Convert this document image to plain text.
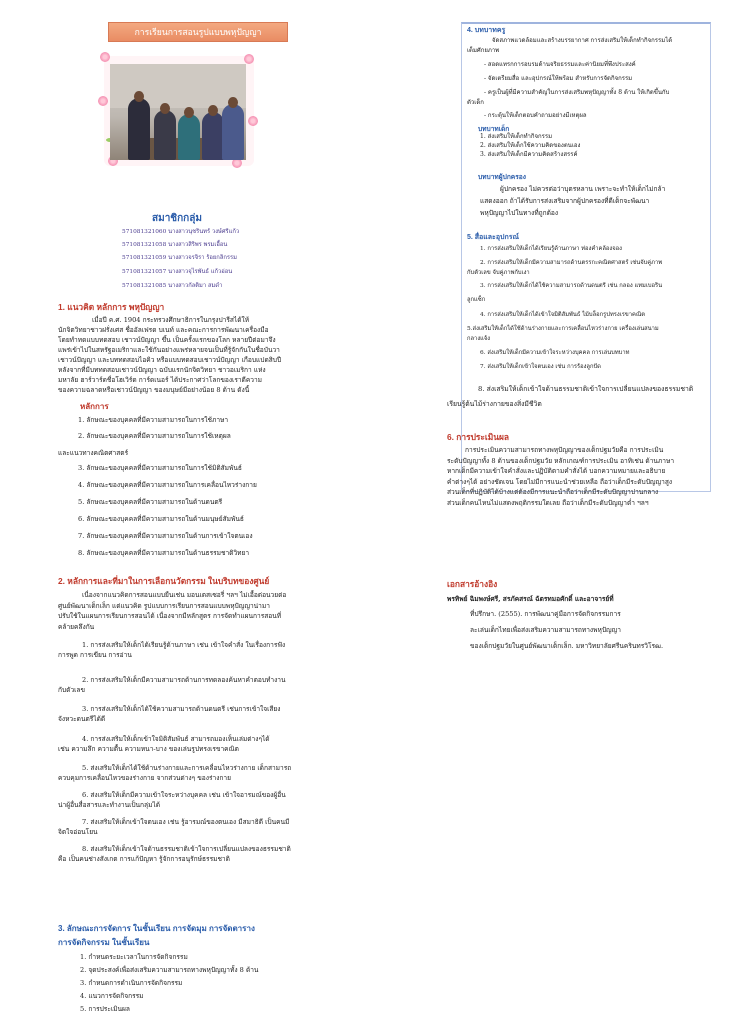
การเรียนการสอนรูปแบบพหุปัญญา
สมาชิกกลุ่ม
571081321060 นางสาวนุชรินทร์ วงษ์ศรีแก้ว
571081321058 นางสาวสิริพร พรมเอื้อน
571081321059 นางสาวจรจิรา ร้อยกลิกรรม
571081321057 นางสาวจุไรพันธ์ แก้วอ่อน
571081321085 นางสาวกัลติมา สมดำ
1. แนวคิด หลักการ พหุปัญญา
เมื่อปี ค.ศ. 1904 กระทรวงศึกษาธิการในกรุงปารีสได้ให้
นักจิตวิทยาชาวฝรั่งเศส ชื่ออัลเฟรด บเนท์ และคณะการการพัฒนาเครื่องมือ
โดยทำทดแบบทดสอบ เชาวน์ปัญญา ขึ้น เป็นครั้งแรกของโลก หลายปีต่อมาจึง
แพร่เข้าไปในสหรัฐอเมริกาและใช้กันอย่างแพร่หลายจนเป็นที่รู้จักกันในชื่อบันวา
เชาวน์ปัญญา และบททดสอบไอคิว หรือแบบทดสอบเชาวน์ปัญญา เกือบแปดสิบปี
หลังจากที่มีบททดสอบเชาวน์ปัญญา ฉบับแรกนักจิตวิทยา ชาวอเมริกา แห่ง
มหาลัย ฮาร์วาร์ดชื่อโฮเวิร์ด การ์ดเนอร์ ได้ประกาศว่าโลกของเราตีความ
ของความฉลาดหรือเชาวน์ปัญญา ของมนุษย์มีอย่างน้อย 8 ด้าน ดังนี้
หลักการ
1. ลักษณะของบุคคลที่มีความสามารถในการใช้ภาษา
2. ลักษณะของบุคคลที่มีความสามารถในการใช้เหตุผล
และแนวทางคณิตศาสตร์
3. ลักษณะของบุคคลที่มีความสามารถในการใช้มิติสัมพันธ์
4. ลักษณะของบุคคลที่มีความสามารถในการเคลื่อนไหวร่างกาย
5. ลักษณะของบุคคลที่มีความสามารถในด้านดนตรี
6. ลักษณะของบุคคลที่มีความสามารถในด้านมนุษย์สัมพันธ์
7. ลักษณะของบุคคลที่มีความสามารถในด้านการเข้าใจตนเอง
8. ลักษณะของบุคคลที่มีความสามารถในด้านธรรมชาติวิทยา
2. หลักการและที่มาในการเลือกนวัตกรรม ในบริบทของศูนย์
เนื่องจากแนวคิดการสอนแบบยืนเช่น มอนเตสเซอรี่ ฯลฯ ไม่เอื้อต่อนวยต่อ
ศูนย์พัฒนาเด็กเล็ก แต่แนวคิด รูปแบบการเรียนการสอนแบบพหุปัญญาน่ามา
ปรับใช้ในแผนการเรียนการสอนได้ เนื่องจากมีหลักสูตร การจัดทำแผนการสอนที่
คล้ายคลึงกัน
1. การส่งเสริมให้เด็กได้เรียนรู้ด้านภาษา เช่น เข้าใจคำสั่ง ในเรื่องการฟัง
การพูด การเขียน การอ่าน
2. การส่งเสริมให้เด็กมีความสามารถด้านการทดลองค้นหาคำตอบทำงาน
กับตัวเลข
3. การส่งเสริมให้เด็กได้ใช้ความสามารถด้านดนตรี เช่นการเข้าใจเสียง
จังหวะดนตรีได้ดี
4. การส่งเสริมให้เด็กเข้าใจมิติสัมพันธ์ สามารถมองเห็นเล่มต่างๆได้
เช่น ความลึก ความตื้น ความหนา-บาง ของเล่นรูปทรงเรขาคณิต
5. ส่งเสริมให้เด็กได้ใช้ด้านร่างกายและการเคลื่อนไหวร่างกาย เด็กสามารถ
ควบคุมการเคลื่อนไหวของร่างกาย จากส่วนต่างๆ ของร่างกาย
6. ส่งเสริมให้เด็กมีความเข้าใจระหว่างบุคคล เช่น เข้าใจอารมณ์ของผู้อื่น
น่าผู้อื่นสื่อสารและทำงานเป็นกลุ่มได้
7. ส่งเสริมให้เด็กเข้าใจตนเอง เช่น รู้อารมณ์ของตนเอง มีสมาธิดี เป็นคนมี
จิตใจอ่อนโยน
8. ส่งเสริมให้เด็กเข้าใจด้านธรรมชาติเข้าใจการเปลี่ยนแปลงของธรรมชาติ
คือ เป็นคนช่างสังเกต การแก้ปัญหา รู้จักการอนุรักษ์ธรรมชาติ
3. ลักษณะการจัดการ ในชั้นเรียน การจัดมุม การจัดตาราง
การจัดกิจกรรม ในชั้นเรียน
1. กำหนดระยะเวลาในการจัดกิจกรรม
2. จุดประสงค์เพื่อส่งเสริมความสามารถทางพหุปัญญาทั้ง 8 ด้าน
3. กำหนดการดำเนินการจัดกิจกรรม
4. แนวการจัดกิจกรรม
5. การประเมินผล
4. บทบาทครู
จัดสภาพแวดล้อมและสร้างบรรยากาศ การส่งเสริมให้เด็กทำกิจกรรมได้
เต็มศักยภาพ
- สอดแทรกการอบรมด้านจริยธรรมและค่านิยมที่พึงประสงค์
- จัดเตรียมสื่อ และอุปกรณ์ให้พร้อม สำหรับการจัดกิจกรรม
- ครูเป็นผู้ที่มีความสำคัญในการส่งเสริมพหุปัญญาทั้ง 8 ด้าน ให้เกิดขึ้นกับ
ตัวเด็ก
- กระตุ้นให้เด็กตอบคำถามอย่างมีเหตุผล
บทบาทเด็ก
1. ส่งเสริมให้เด็กทำกิจกรรม
2. ส่งเสริมให้เด็กใช้ความคิดของตนเอง
3. ส่งเสริมให้เด็กมีความคิดสร้างสรรค์
บทบาทผู้ปกครอง
ผู้ปกครอง ไม่ควรต่อว่าบุตรหลาน เพราะจะทำให้เด็กไม่กล้า
แสดงออก ถ้าได้รับการส่งเสริมจากผู้ปกครองที่ดีเด็กจะพัฒนา
พหุปัญญาไปในทางที่ถูกต้อง
5. สื่อและอุปกรณ์
1. การส่งเสริมให้เด็กได้เรียนรู้ด้านภาษา ท่องคำคล้องจอง
2. การส่งเสริมให้เด็กมีความสามารถด้านตรรกะคณิตศาสตร์ เช่นจับคู่ภาพ
กับตัวเลข จับคู่ภาพกับเงา
3. การส่งเสริมให้เด็กได้ใช้ความสามารถด้านดนตรี เช่น กลอง แทมเบอริน
ลูกแซ็ก
4. การส่งเสริมให้เด็กได้เข้าใจมิติสัมพันธ์ ไม้บล็อกรูปทรงเรขาคณิต
5.ส่งเสริมให้เด็กได้ใช้ด้านร่างกายและการเคลื่อนไหวร่างกาย เครื่องเล่นสนาม
กลางแจ้ง
6. ส่งเสริมให้เด็กมีความเข้าใจระหว่างบุคคล การเล่นบทบาท
7. ส่งเสริมให้เด็กเข้าใจตนเอง เช่น การร้องลูกปัด
8. ส่งเสริมให้เด็กเข้าใจด้านธรรมชาติเข้าใจการเปลี่ยนแปลงของธรรมชาติ
เรียนรู้ต้นไม้ร่างกายของสิ่งมีชีวิต
6. การประเมินผล
การประเมินความสามารถทางพหุปัญญาของเด็กปฐมวัยคือ การประเมิน
ระดับปัญญาทั้ง 8 ด้านของเด็กปฐมวัย หลักเกณฑ์การประเมิน อาทิเช่น ด้านภาษา
หากเด็กมีความเข้าใจคำสั่งและปฏิบัติตามคำสั่งได้ บอกความหมายและอธิบาย
คำต่างๆได้ อย่างชัดเจน โดยไม่มีการแนะนำช่วยเหลือ ถือว่าเด็กมีระดับปัญญาสูง
ส่วนเด็กที่ปฏิบัติได้บ้างแต่ต้องมีการแนะนำถือว่าเด็กมีระดับปัญญาปานกลาง
ส่วนเด็กคนไหนไม่แสดงพฤติกรรมใดเลย ถือว่าเด็กมีระดับปัญญาต่ำ ฯลฯ
เอกสารอ้างอิง
พรทิพย์ ฉิมพงษ์ศรี, สรภัคสรณ์ ฉัตรทมอศักดิ์ และอาจารย์ที่
ที่ปรึกษา. (2555). การพัฒนาคู่มือการจัดกิจกรรมการ
ละเล่นเด็กไทยเพื่อส่งเสริมความสามารถทางพหุปัญญา
ของเด็กปฐมวัยในศูนย์พัฒนาเด็กเล็ก. มหาวิทยาลัยศรีนครินทรวิโรฒ.
